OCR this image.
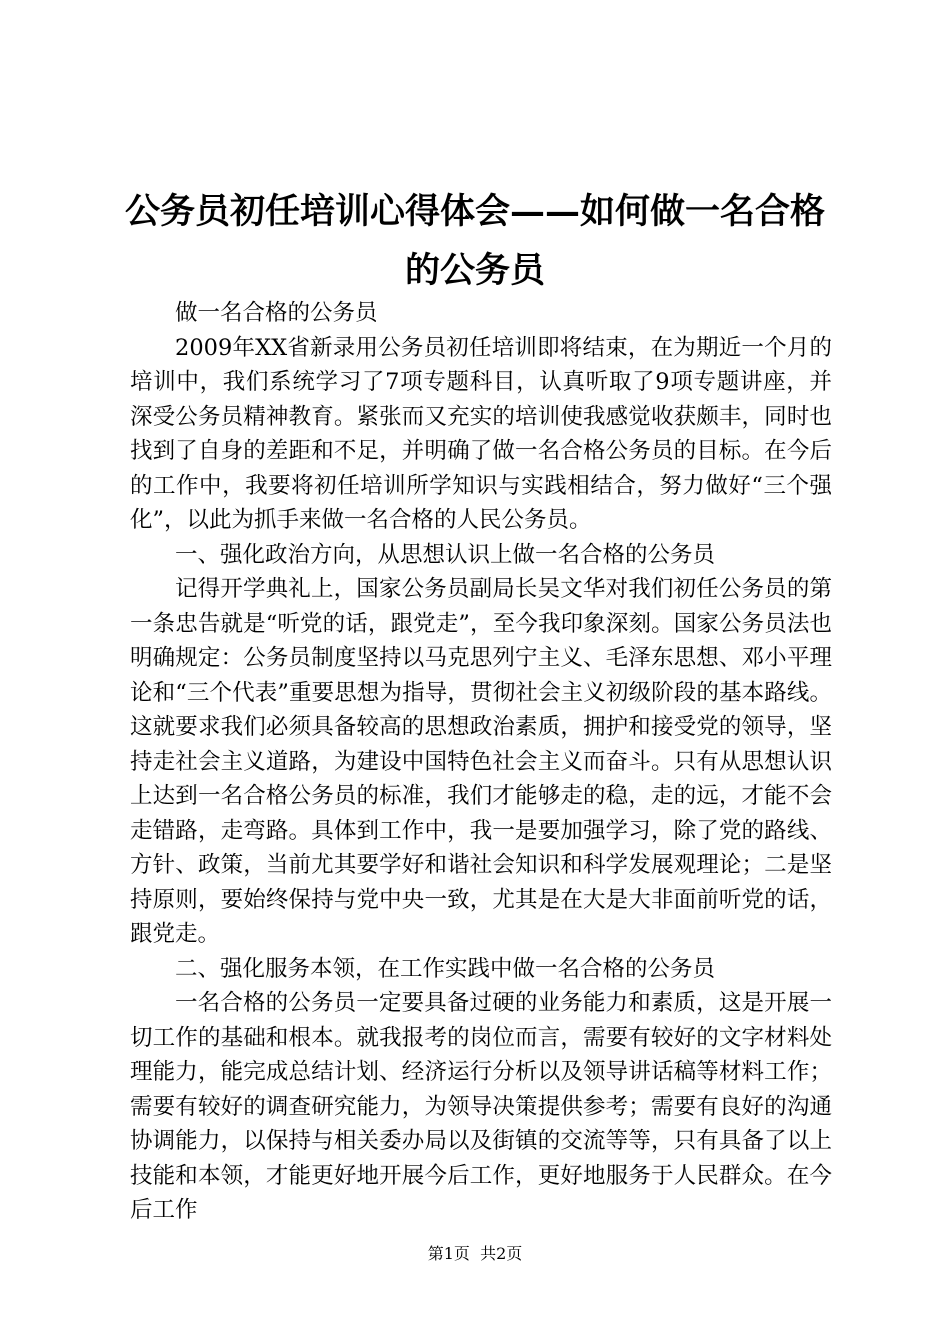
公务员初任培训心得体会——如何做一名合格的公务员

做一名合格的公务员

2009年XX省新录用公务员初任培训即将结束，在为期近一个月的培训中，我们系统学习了7项专题科目，认真听取了9项专题讲座，并深受公务员精神教育。紧张而又充实的培训使我感觉收获颇丰，同时也找到了自身的差距和不足，并明确了做一名合格公务员的目标。在今后的工作中，我要将初任培训所学知识与实践相结合，努力做好“三个强化”，以此为抓手来做一名合格的人民公务员。

一、强化政治方向，从思想认识上做一名合格的公务员

记得开学典礼上，国家公务员副局长吴文华对我们初任公务员的第一条忠告就是“听党的话，跟党走”，至今我印象深刻。国家公务员法也明确规定：公务员制度坚持以马克思列宁主义、毛泽东思想、邓小平理论和“三个代表”重要思想为指导，贯彻社会主义初级阶段的基本路线。这就要求我们必须具备较高的思想政治素质，拥护和接受党的领导，坚持走社会主义道路，为建设中国特色社会主义而奋斗。只有从思想认识上达到一名合格公务员的标准，我们才能够走的稳，走的远，才能不会走错路，走弯路。具体到工作中，我一是要加强学习，除了党的路线、方针、政策，当前尤其要学好和谐社会知识和科学发展观理论；二是坚持原则，要始终保持与党中央一致，尤其是在大是大非面前听党的话，跟党走。

二、强化服务本领，在工作实践中做一名合格的公务员

一名合格的公务员一定要具备过硬的业务能力和素质，这是开展一切工作的基础和根本。就我报考的岗位而言，需要有较好的文字材料处理能力，能完成总结计划、经济运行分析以及领导讲话稿等材料工作；需要有较好的调查研究能力，为领导决策提供参考；需要有良好的沟通协调能力，以保持与相关委办局以及街镇的交流等等，只有具备了以上技能和本领，才能更好地开展今后工作，更好地服务于人民群众。在今后工作

第1页 共2页
